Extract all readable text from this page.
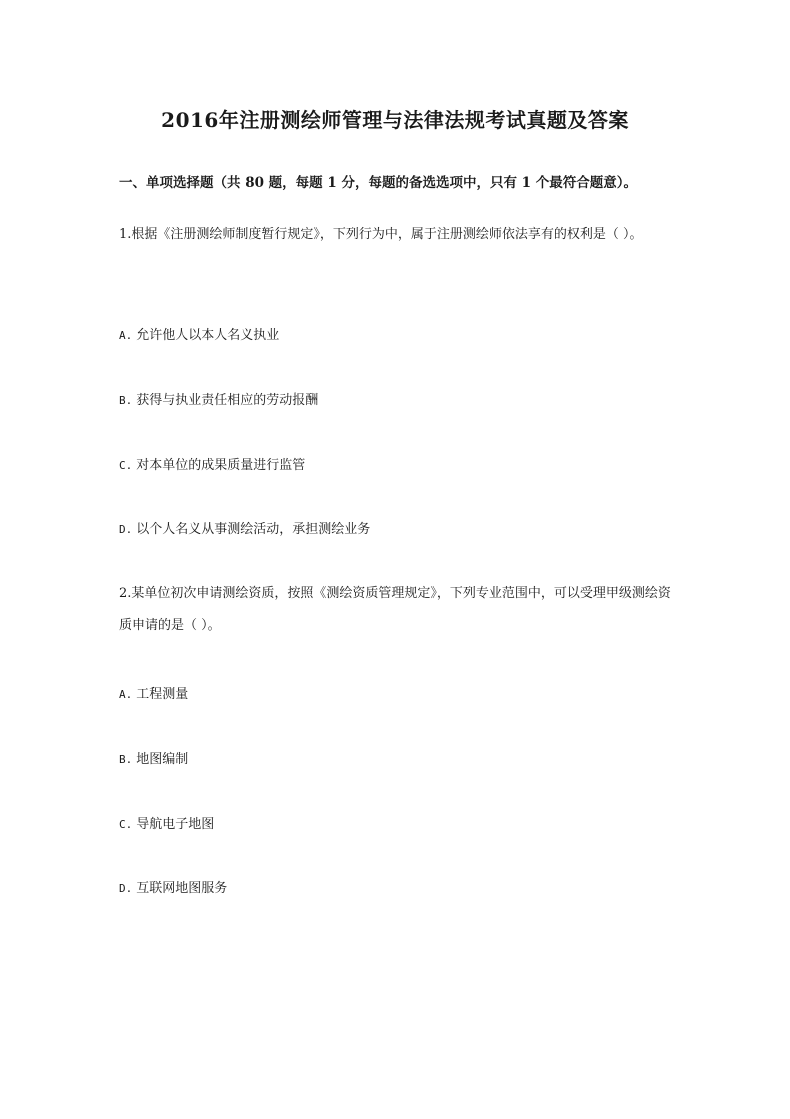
2016年注册测绘师管理与法律法规考试真题及答案
一、单项选择题（共 80 题，每题 1 分，每题的备选选项中，只有 1 个最符合题意）。
1.根据《注册测绘师制度暂行规定》，下列行为中，属于注册测绘师依法享有的权利是（ ）。
A. 允许他人以本人名义执业
B. 获得与执业责任相应的劳动报酬
C. 对本单位的成果质量进行监管
D. 以个人名义从事测绘活动，承担测绘业务
2.某单位初次申请测绘资质，按照《测绘资质管理规定》，下列专业范围中，可以受理甲级测绘资质申请的是（ ）。
A. 工程测量
B. 地图编制
C. 导航电子地图
D. 互联网地图服务
